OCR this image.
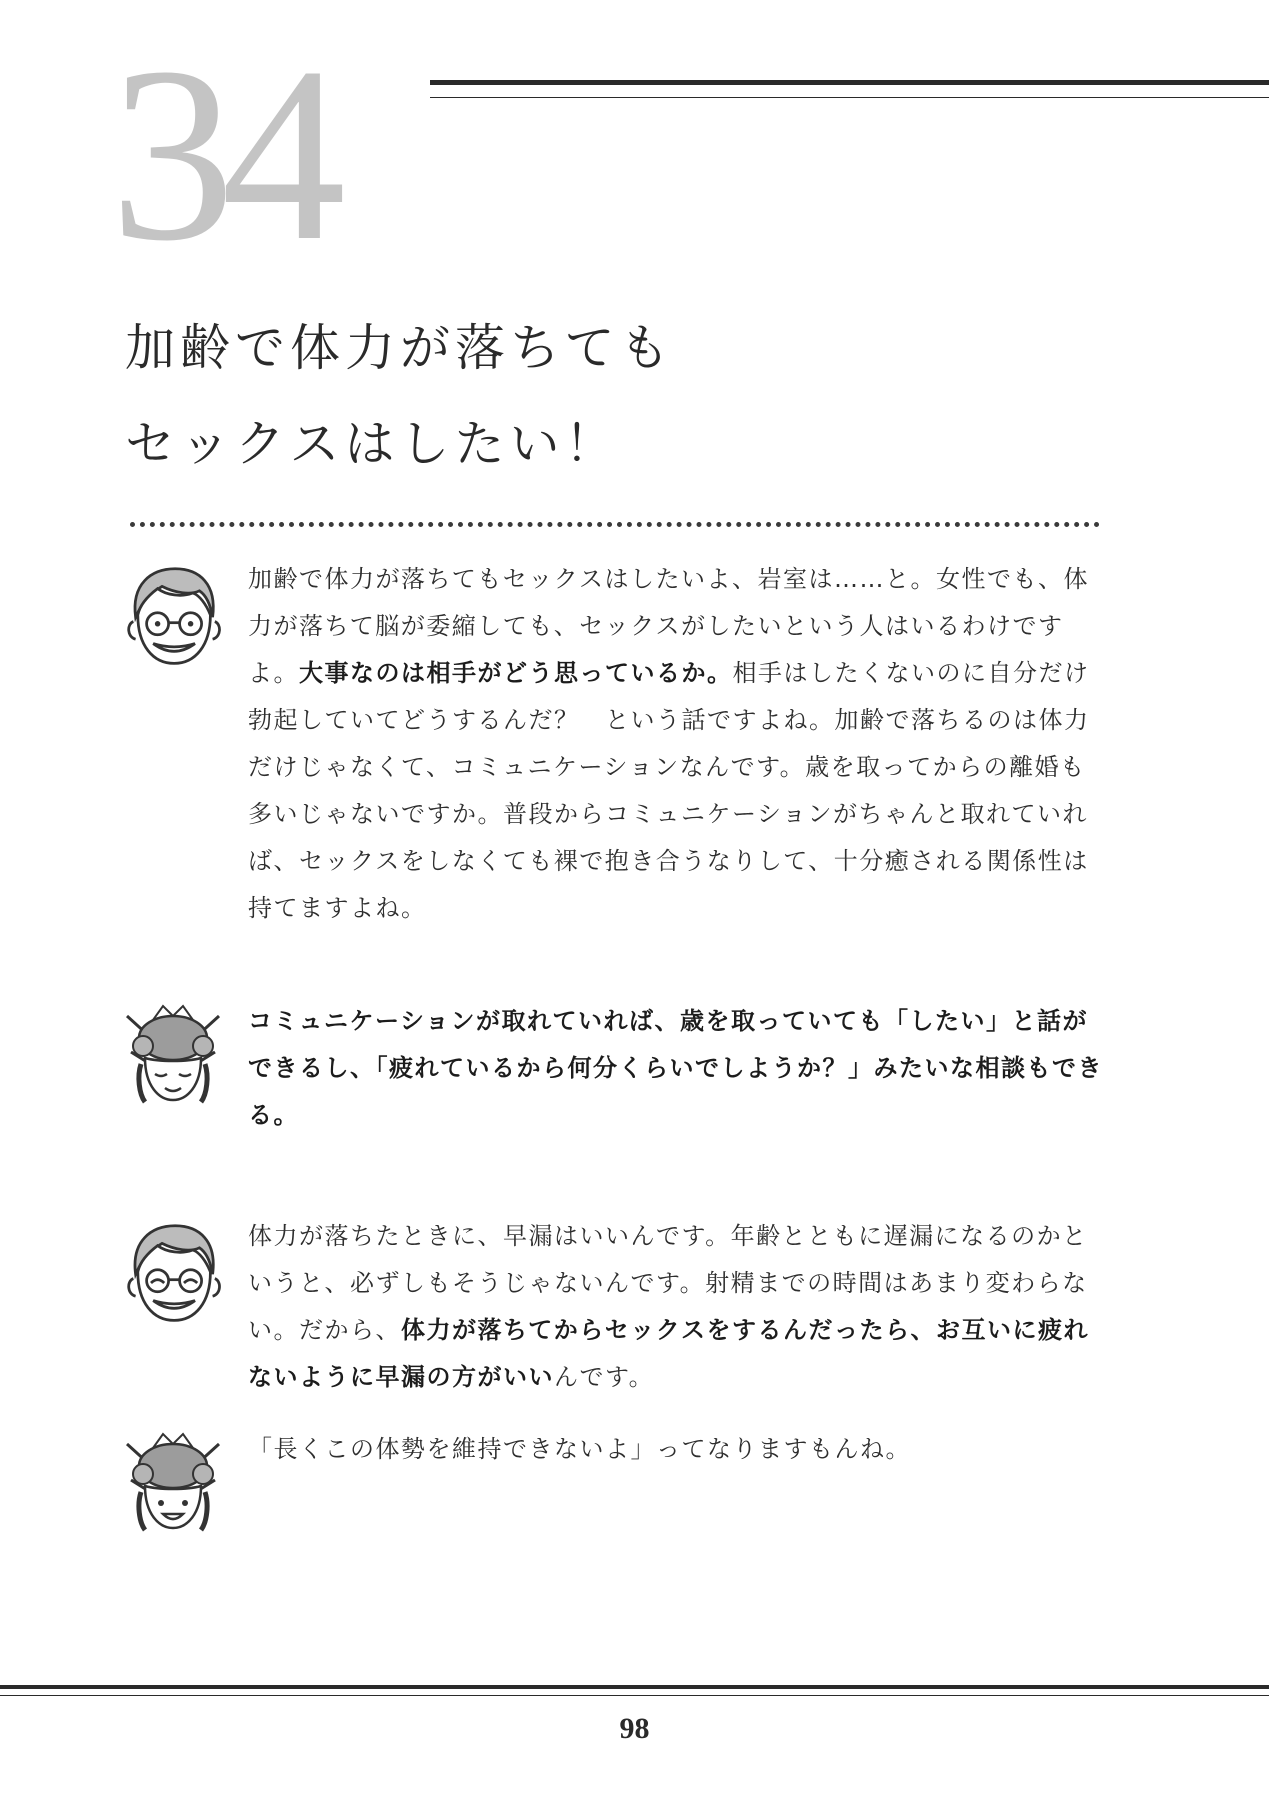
34
加齢で体力が落ちても
セックスはしたい！

加齢で体力が落ちてもセックスはしたいよ、岩室は……と。女性でも、体力が落ちて脳が委縮しても、セックスがしたいという人はいるわけですよ。大事なのは相手がどう思っているか。相手はしたくないのに自分だけ勃起していてどうするんだ？　という話ですよね。加齢で落ちるのは体力だけじゃなくて、コミュニケーションなんです。歳を取ってからの離婚も多いじゃないですか。普段からコミュニケーションがちゃんと取れていれば、セックスをしなくても裸で抱き合うなりして、十分癒される関係性は持てますよね。

コミュニケーションが取れていれば、歳を取っていても「したい」と話ができるし、「疲れているから何分くらいでしようか？」みたいな相談もできる。

体力が落ちたときに、早漏はいいんです。年齢とともに遅漏になるのかというと、必ずしもそうじゃないんです。射精までの時間はあまり変わらない。だから、体力が落ちてからセックスをするんだったら、お互いに疲れないように早漏の方がいいんです。

「長くこの体勢を維持できないよ」ってなりますもんね。

98
